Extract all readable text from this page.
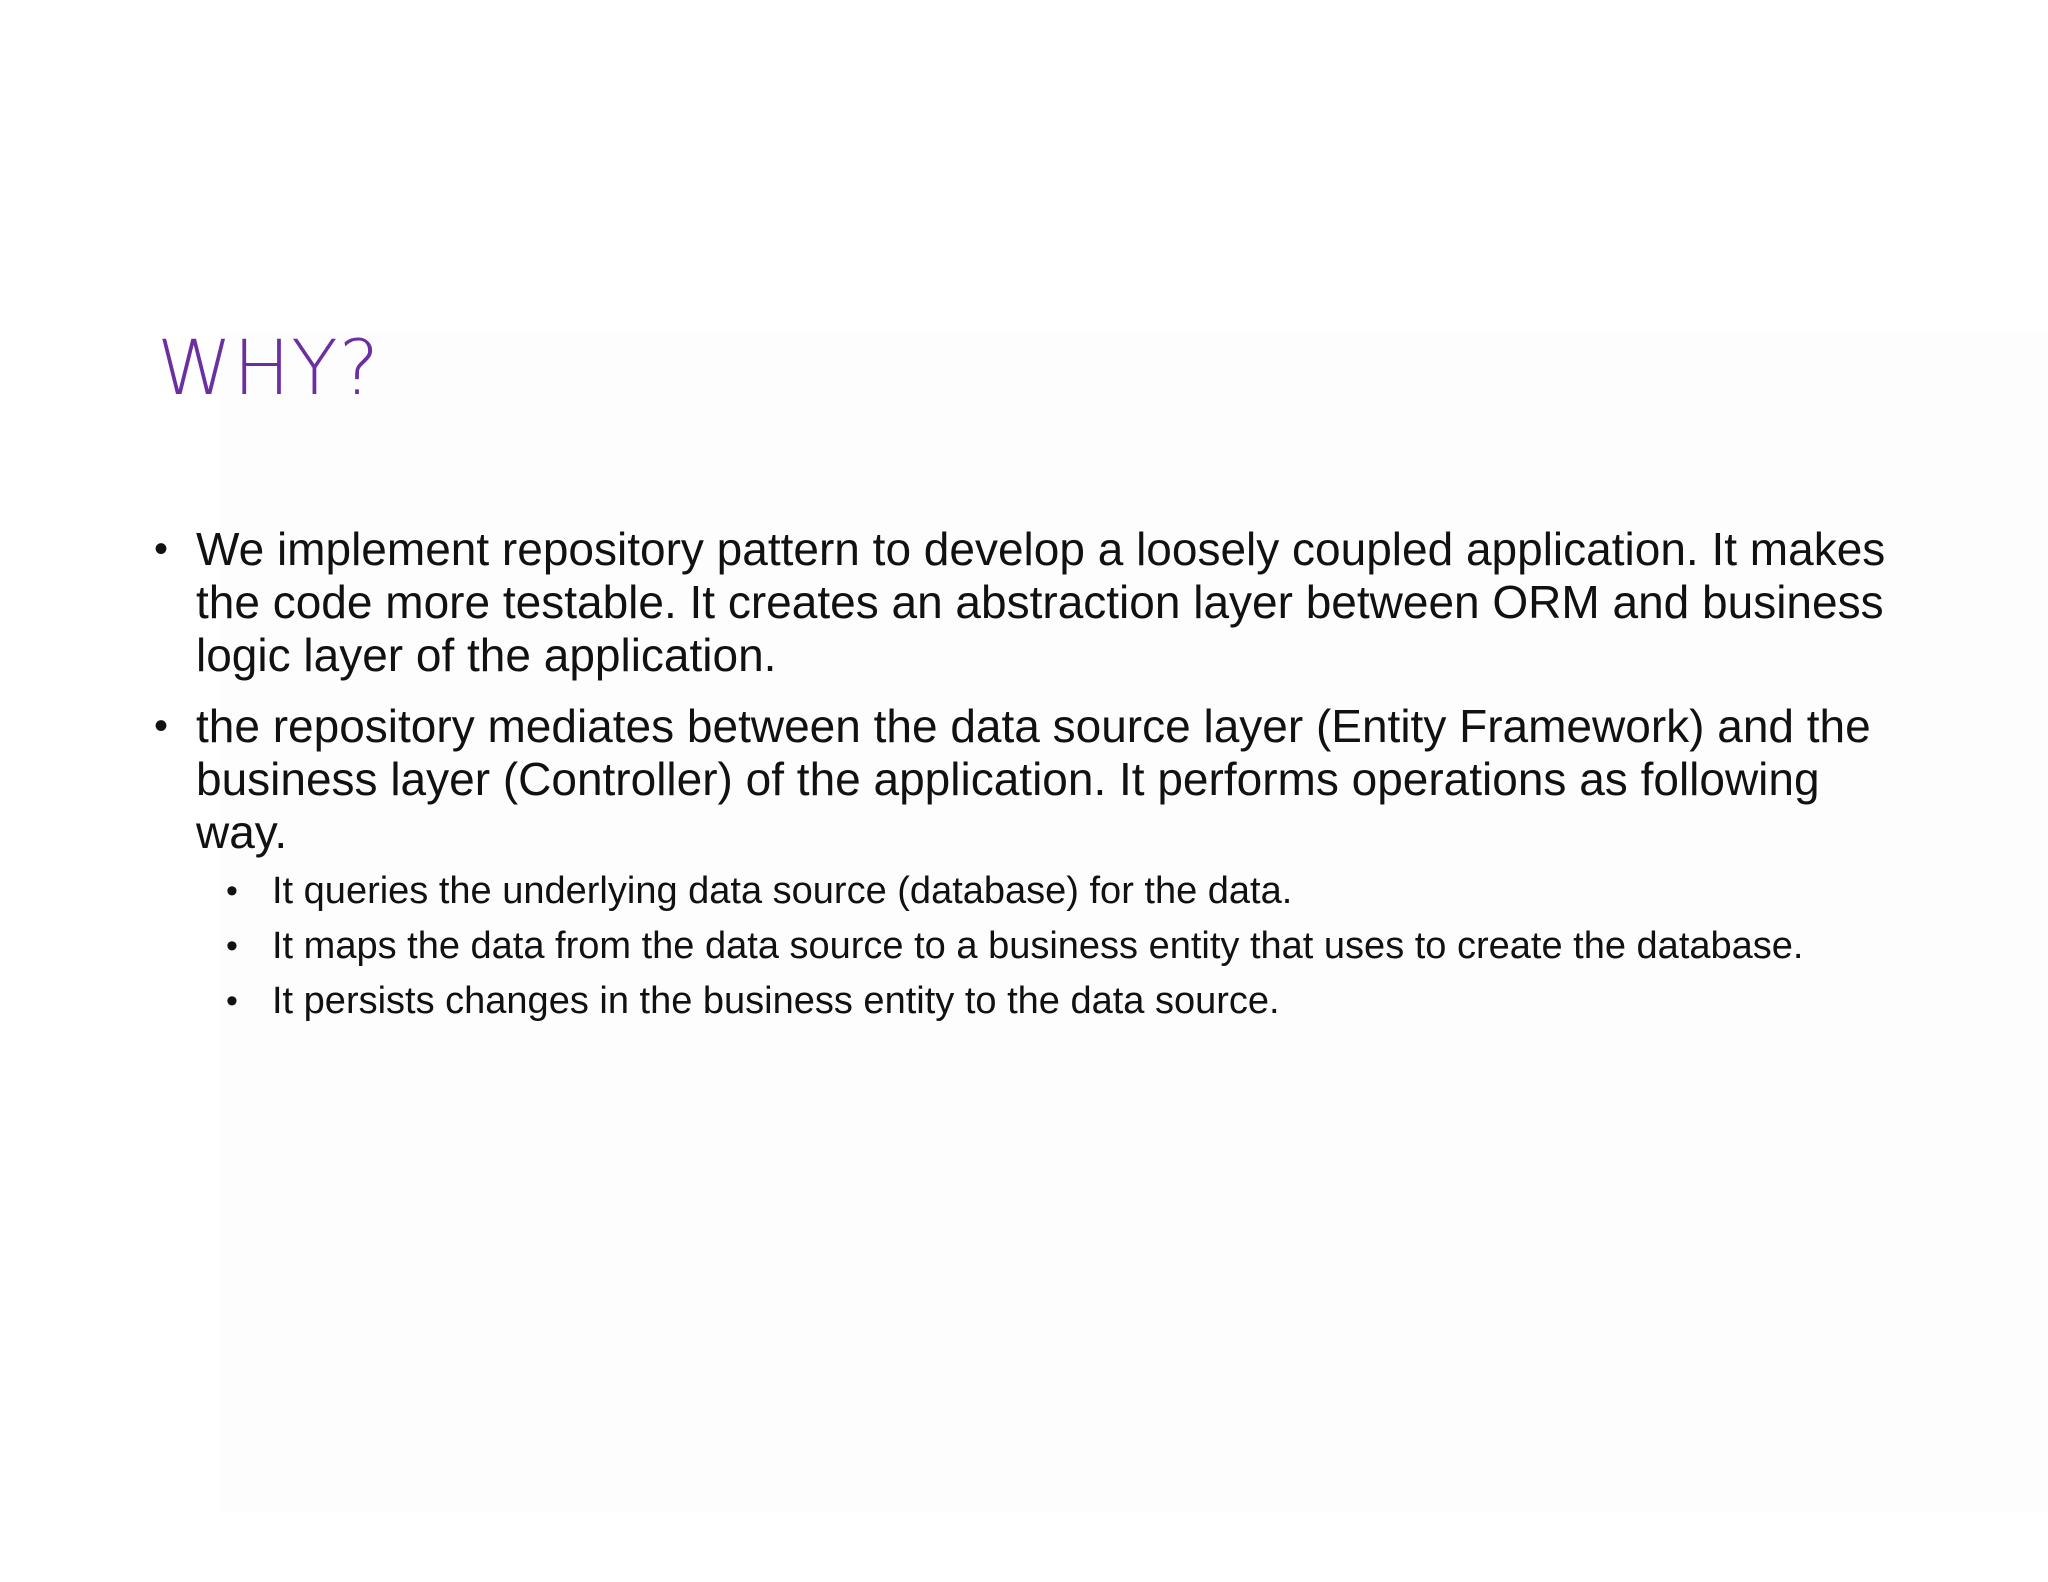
WHY?
• We implement repository pattern to develop a loosely coupled application. It makes the code more testable. It creates an abstraction layer between ORM and business logic layer of the application.
• the repository mediates between the data source layer (Entity Framework) and the business layer (Controller) of the application. It performs operations as following way.
• It queries the underlying data source (database) for the data.
• It maps the data from the data source to a business entity that uses to create the database.
• It persists changes in the business entity to the data source.
